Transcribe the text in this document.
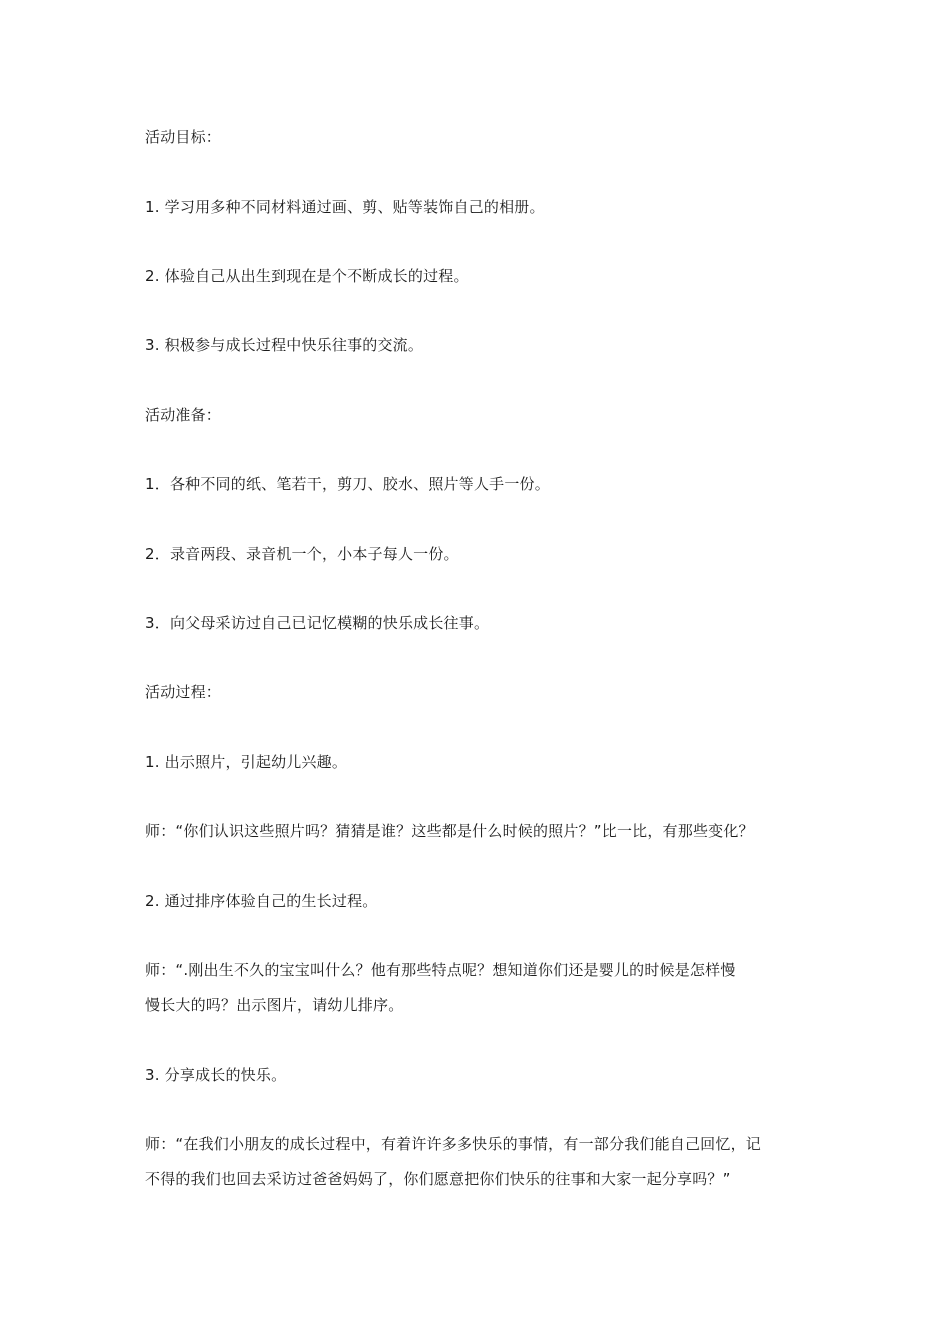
活动目标：
1. 学习用多种不同材料通过画、剪、贴等装饰自己的相册。
2. 体验自己从出生到现在是个不断成长的过程。
3. 积极参与成长过程中快乐往事的交流。
活动准备：
1．各种不同的纸、笔若干，剪刀、胶水、照片等人手一份。
2．录音两段、录音机一个，小本子每人一份。
3．向父母采访过自己已记忆模糊的快乐成长往事。
活动过程：
1. 出示照片，引起幼儿兴趣。
师：“你们认识这些照片吗？猜猜是谁？这些都是什么时候的照片？”比一比，有那些变化？
2. 通过排序体验自己的生长过程。
师：“.刚出生不久的宝宝叫什么？他有那些特点呢？想知道你们还是婴儿的时候是怎样慢
慢长大的吗？出示图片，请幼儿排序。
3. 分享成长的快乐。
师：“在我们小朋友的成长过程中，有着许许多多快乐的事情，有一部分我们能自己回忆，记
不得的我们也回去采访过爸爸妈妈了，你们愿意把你们快乐的往事和大家一起分享吗？”
